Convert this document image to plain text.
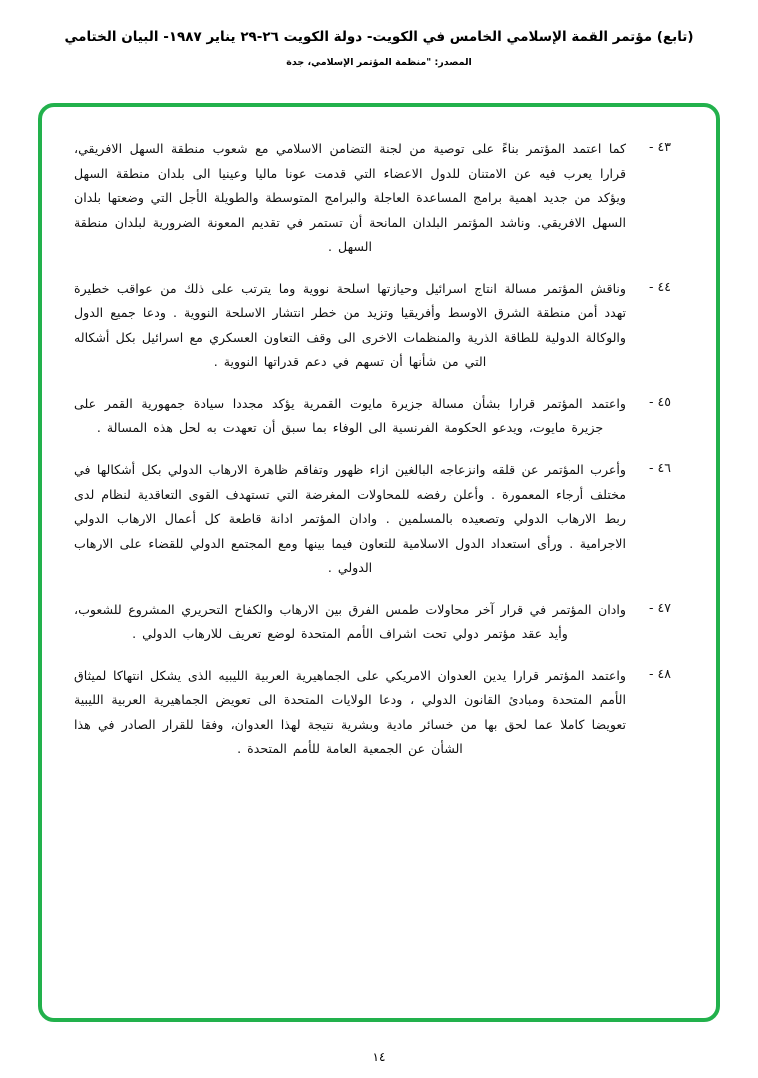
(تابع) مؤتمر القمة الإسلامي الخامس في الكويت- دولة الكويت ٢٦-٢٩ يناير ١٩٨٧- البيان الختامي
المصدر: "منظمة المؤتمر الإسلامي، جدة
٤٣ -
كما اعتمد المؤتمر بناءً على توصية من لجنة التضامن الاسلامي مع شعوب منطقة السهل الافريقي، قرارا يعرب فيه عن الامتنان للدول الاعضاء التي قدمت عونا ماليا وعينيا الى بلدان منطقة السهل ويؤكد من جديد اهمية برامج المساعدة العاجلة والبرامج المتوسطة والطويلة الأجل التي وضعتها بلدان السهل الافريقي. وناشد المؤتمر البلدان المانحة أن تستمر في تقديم المعونة الضرورية لبلدان منطقة السهل .
٤٤ -
وناقش المؤتمر مسالة انتاج اسرائيل وحيازتها اسلحة نووية وما يترتب على ذلك من عواقب خطيرة تهدد أمن منطقة الشرق الاوسط وأفريقيا وتزيد من خطر انتشار الاسلحة النووية . ودعا جميع الدول والوكالة الدولية للطاقة الذرية والمنظمات الاخرى الى وقف التعاون العسكري مع اسرائيل بكل أشكاله التي من شأنها أن تسهم في دعم قدراتها النووية .
٤٥ -
واعتمد المؤتمر قرارا بشأن مسالة جزيرة مايوت القمرية يؤكد مجددا سيادة جمهورية القمر على جزيرة مايوت، ويدعو الحكومة الفرنسية الى الوفاء بما سبق أن تعهدت به لحل هذه المسالة .
٤٦ -
وأعرب المؤتمر عن قلقه وانزعاجه البالغين ازاء ظهور وتفاقم ظاهرة الارهاب الدولي بكل أشكالها في مختلف أرجاء المعمورة . وأعلن رفضه للمحاولات المغرضة التي تستهدف القوى التعاقدية لنظام لدى ربط الارهاب الدولي وتصعيده بالمسلمين . وادان المؤتمر ادانة قاطعة كل أعمال الارهاب الدولي الاجرامية . ورأى استعداد الدول الاسلامية للتعاون فيما بينها ومع المجتمع الدولي للقضاء على الارهاب الدولي .
٤٧ -
وادان المؤتمر في قرار آخر محاولات طمس الفرق بين الارهاب والكفاح التحريري المشروع للشعوب، وأيد عقد مؤتمر دولي تحت اشراف الأمم المتحدة لوضع تعريف للارهاب الدولي .
٤٨ -
واعتمد المؤتمر قرارا يدين العدوان الامريكي على الجماهيرية العربية الليبيه الذى يشكل انتهاكا لميثاق الأمم المتحدة ومبادئ القانون الدولي ، ودعا الولايات المتحدة الى تعويض الجماهيرية العربية الليبية تعويضا كاملا عما لحق بها من خسائر مادية وبشرية نتيجة لهذا العدوان، وفقا للقرار الصادر في هذا الشأن عن الجمعية العامة للأمم المتحدة .
١٤
